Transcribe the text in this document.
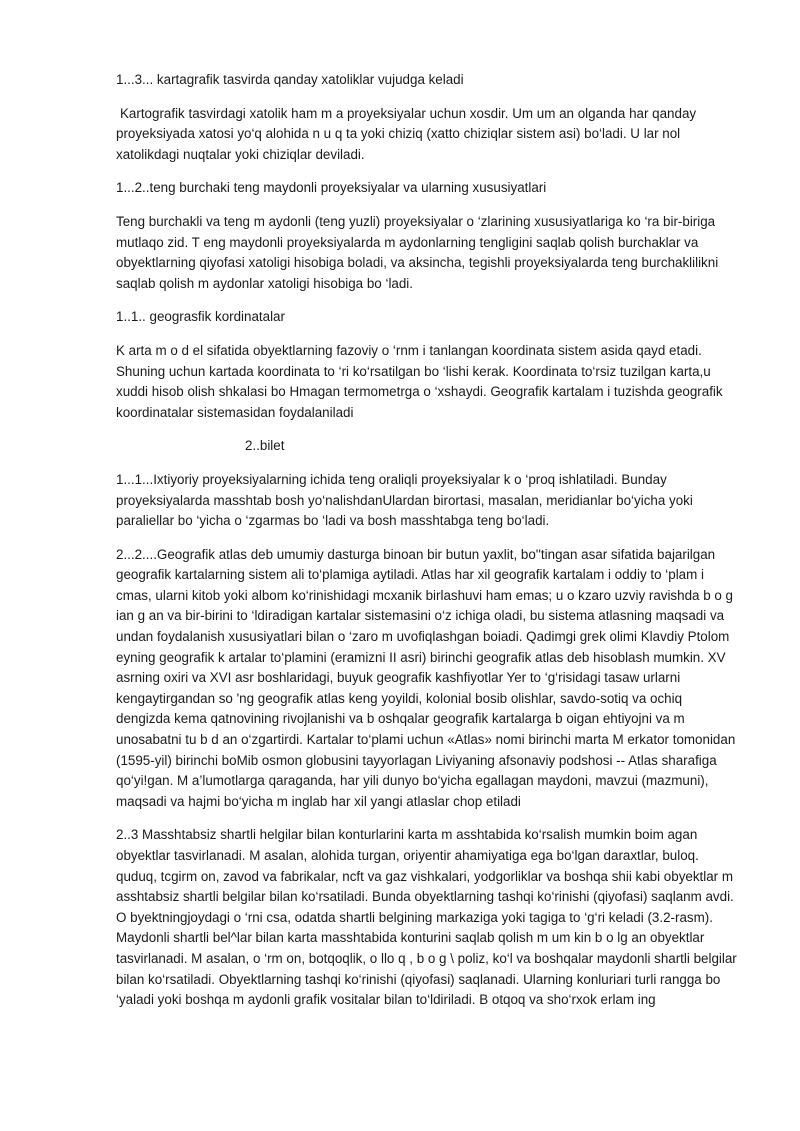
1...3... kartagrafik tasvirda qanday xatoliklar vujudga keladi

Kartografik tasvirdagi xatolik ham m a proyeksiyalar uchun xosdir. Um um an olganda har qanday proyeksiyada xatosi yo‘q alohida n u q ta yoki chiziq (xatto chiziqlar sistem asi) bo‘ladi. U lar nol xatolikdagi nuqtalar yoki chiziqlar deviladi.

1...2..teng burchaki teng maydonli proyeksiyalar va ularning xususiyatlari

Teng burchakli va teng m aydonli (teng yuzli) proyeksiyalar o ‘zlarining xususiyatlariga ko ‘ra bir-biriga mutlaqo zid. T eng maydonli proyeksiyalarda m aydonlarning tengligini saqlab qolish burchaklar va obyektlarning qiyofasi xatoligi hisobiga boladi, va aksincha, tegishli proyeksiyalarda teng burchaklilikni saqlab qolish m aydonlar xatoligi hisobiga bo ‘ladi.

1..1.. geograsfik kordinatalar

K arta m o d el sifatida obyektlarning fazoviy o ‘rnm i tanlangan koordinata sistem asida qayd etadi. Shuning uchun kartada koordinata to ‘ri ko‘rsatilgan bo ‘lishi kerak. Koordinata to‘rsiz tuzilgan karta,u xuddi hisob olish shkalasi bo Hmagan termometrga o ‘xshaydi. Geografik kartalam i tuzishda geografik koordinatalar sistemasidan foydalaniladi

2..bilet

1...1...Ixtiyoriy proyeksiyalarning ichida teng oraliqli proyeksiyalar k o ‘proq ishlatiladi. Bunday proyeksiyalarda masshtab bosh yo‘nalishdanUlardan birortasi, masalan, meridianlar bo‘yicha yoki paraliellar bo ‘yicha o ‘zgarmas bo ‘ladi va bosh masshtabga teng bo‘ladi.

2...2....Geografik atlas deb umumiy dasturga binoan bir butun yaxlit, bo''tingan asar sifatida bajarilgan geografik kartalarning sistem ali to‘plamiga aytiladi. Atlas har xil geografik kartalam i oddiy to ‘plam i cmas, ularni kitob yoki albom ko‘rinishidagi mcxanik birlashuvi ham emas; u o kzaro uzviy ravishda b o g ian g an va bir-birini to ‘ldiradigan kartalar sistemasini o‘z ichiga oladi, bu sistema atlasning maqsadi va undan foydalanish xususiyatlari bilan o ‘zaro m uvofiqlashgan boiadi. Qadimgi grek olimi Klavdiy Ptolom eyning geografik k artalar to‘plamini (eramizni II asri) birinchi geografik atlas deb hisoblash mumkin. XV asrning oxiri va XVI asr boshlaridagi, buyuk geografik kashfiyotlar Yer to ‘g‘risidagi tasaw urlarni kengaytirgandan so 'ng geografik atlas keng yoyildi, kolonial bosib olishlar, savdo-sotiq va ochiq dengizda kema qatnovining rivojlanishi va b oshqalar geografik kartalarga b oigan ehtiyojni va m unosabatni tu b d an o‘zgartirdi. Kartalar to‘plami uchun «Atlas» nomi birinchi marta M erkator tomonidan (1595-yil) birinchi boMib osmon globusini tayyorlagan Liviyaning afsonaviy podshosi -- Atlas sharafiga qo‘yi!gan. M a’lumotlarga qaraganda, har yili dunyo bo‘yicha egallagan maydoni, mavzui (mazmuni), maqsadi va hajmi bo‘yicha m inglab har xil yangi atlaslar chop etiladi

2..3 Masshtabsiz shartli helgilar bilan konturlarini karta m asshtabida ko‘rsalish mumkin boim agan obyektlar tasvirlanadi. M asalan, alohida turgan, oriyentir ahamiyatiga ega bo‘lgan daraxtlar, buloq. quduq, tcgirm on, zavod va fabrikalar, ncft va gaz vishkalari, yodgorliklar va boshqa shii kabi obyektlar m asshtabsiz shartli belgilar bilan ko‘rsatiladi. Bunda obyektlarning tashqi ko‘rinishi (qiyofasi) saqlanm avdi. O byektningjoydagi o ‘rni csa, odatda shartli belgining markaziga yoki tagiga to ‘g‘ri keladi (3.2-rasm). Maydonli shartli bel^lar bilan karta masshtabida konturini saqlab qolish m um kin b o lg an obyektlar tasvirlanadi. M asalan, o ‘rm on, botqoqlik, o llo q , b o g \ poliz, ko‘l va boshqalar maydonli shartli belgilar bilan ko‘rsatiladi. Obyektlarning tashqi ko‘rinishi (qiyofasi) saqlanadi. Ularning konluriari turli rangga bo ‘yaladi yoki boshqa m aydonli grafik vositalar bilan to‘ldiriladi. B otqoq va sho‘rxok erlam ing
